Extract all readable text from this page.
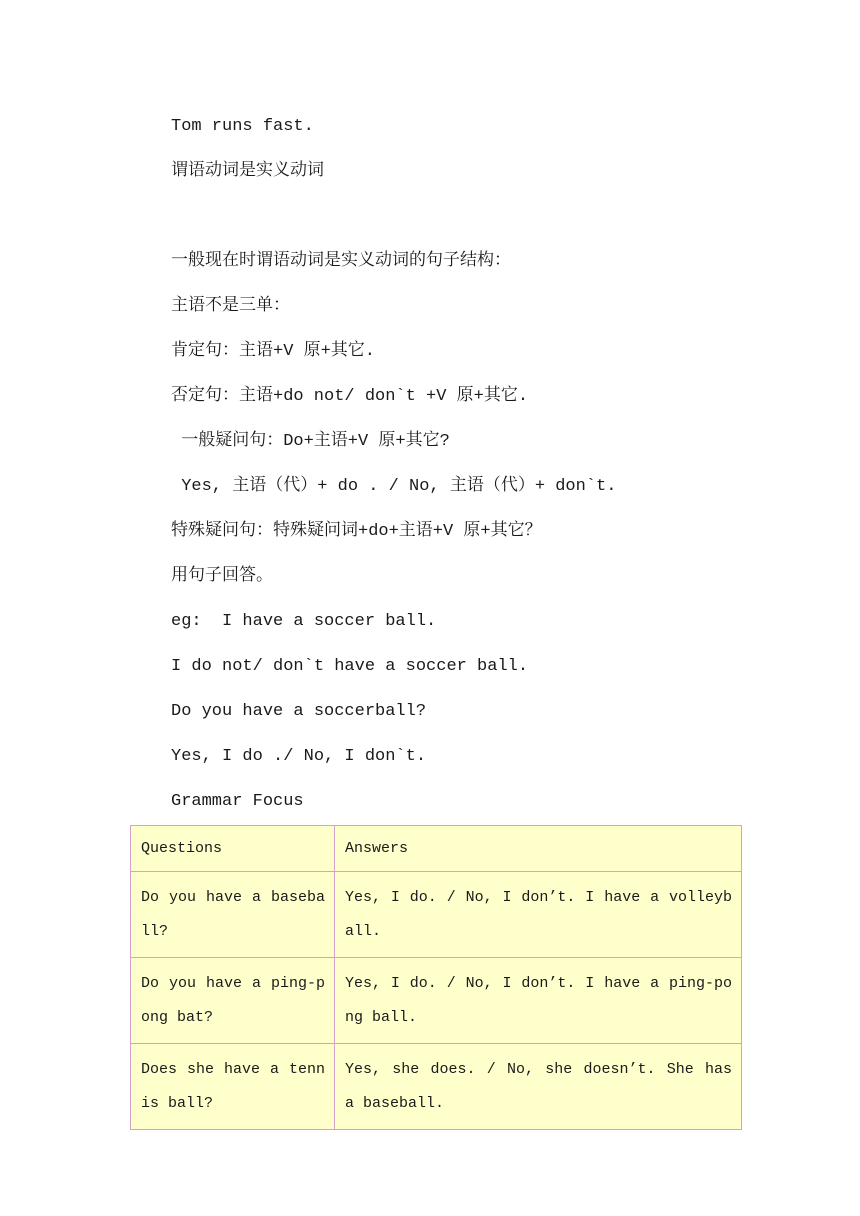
Tom runs fast.
谓语动词是实义动词
一般现在时谓语动词是实义动词的句子结构：
主语不是三单：
肯定句：主语+V 原+其它.
否定句：主语+do not/ don`t +V 原+其它.
一般疑问句：Do+主语+V 原+其它?
Yes, 主语（代）+ do . / No, 主语（代）+ don`t.
特殊疑问句：特殊疑问词+do+主语+V 原+其它？
用句子回答。
eg:  I have a soccer ball.
I do not/ don`t have a soccer ball.
Do you have a soccerball?
Yes, I do ./ No, I don`t.
Grammar Focus
Questions	Answers
Do you have a baseball?	Yes, I do. / No, I don’t. I have a volleyball.
Do you have a ping-pong bat?	Yes, I do. / No, I don’t. I have a ping-pong ball.
Does she have a tennis ball?	Yes, she does. / No, she doesn’t. She has a baseball.
